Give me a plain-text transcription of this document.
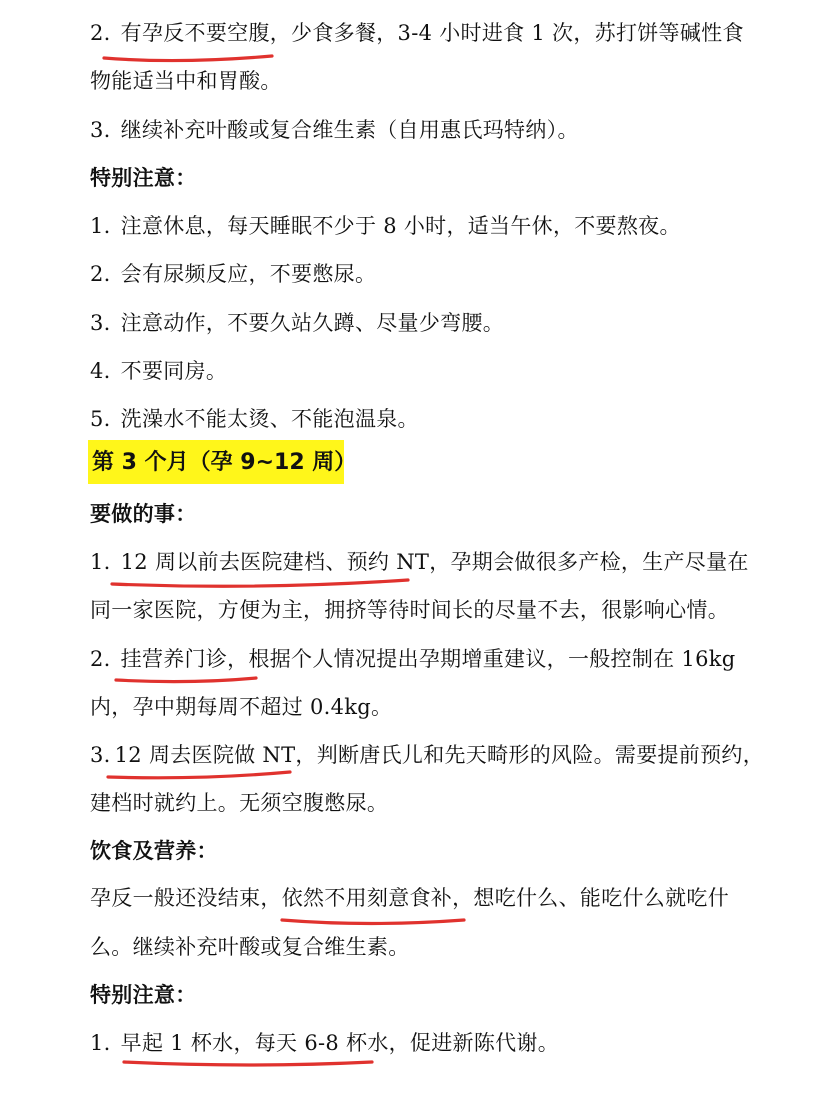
2. 有孕反不要空腹，少食多餐，3-4 小时进食 1 次，苏打饼等碱性食
物能适当中和胃酸。
3. 继续补充叶酸或复合维生素（自用惠氏玛特纳）。
特别注意：
1. 注意休息，每天睡眠不少于 8 小时，适当午休，不要熬夜。
2. 会有尿频反应，不要憋尿。
3. 注意动作，不要久站久蹲、尽量少弯腰。
4. 不要同房。
5. 洗澡水不能太烫、不能泡温泉。
第 3 个月（孕 9~12 周）
要做的事：
1. 12 周以前去医院建档、预约 NT，孕期会做很多产检，生产尽量在
同一家医院，方便为主，拥挤等待时间长的尽量不去，很影响心情。
2. 挂营养门诊，根据个人情况提出孕期增重建议，一般控制在 16kg
内，孕中期每周不超过 0.4kg。
3. 12 周去医院做 NT，判断唐氏儿和先天畸形的风险。需要提前预约，
建档时就约上。无须空腹憋尿。
饮食及营养：
孕反一般还没结束，依然不用刻意食补，想吃什么、能吃什么就吃什
么。继续补充叶酸或复合维生素。
特别注意：
1. 早起 1 杯水，每天 6-8 杯水，促进新陈代谢。
